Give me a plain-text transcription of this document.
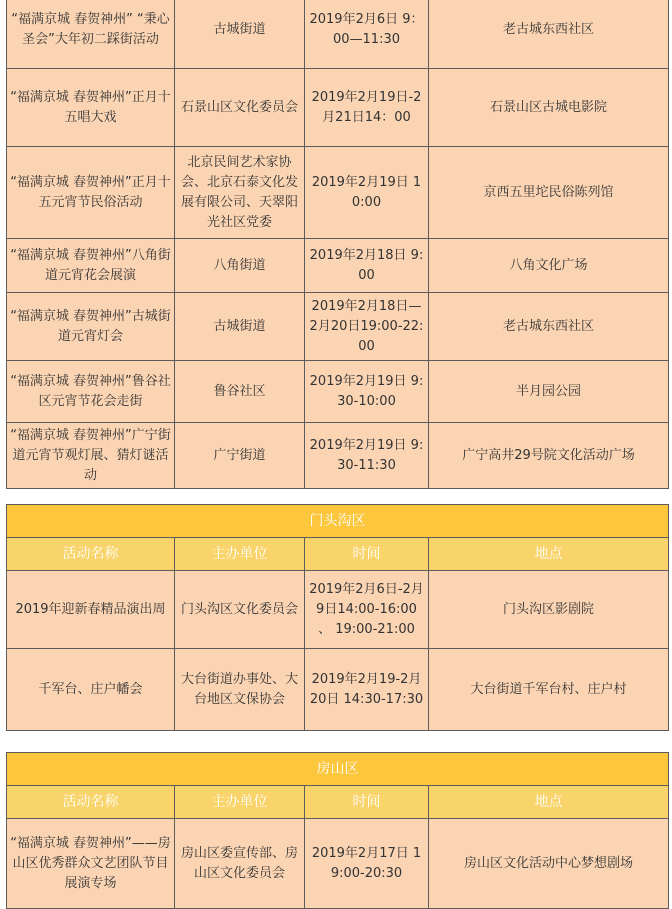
“福满京城 春贺神州” “秉心圣会”大年初二踩街活动	古城街道	2019年2月6日 9：00—11:30	老古城东西社区
“福满京城 春贺神州”正月十五唱大戏	石景山区文化委员会	2019年2月19日-2月21日14：00	石景山区古城电影院
“福满京城 春贺神州”正月十五元宵节民俗活动	北京民间艺术家协会、北京石泰文化发展有限公司、天翠阳光社区党委	2019年2月19日 10:00	京西五里坨民俗陈列馆
“福满京城 春贺神州”八角街道元宵花会展演	八角街道	2019年2月18日 9:00	八角文化广场
“福满京城 春贺神州”古城街道元宵灯会	古城街道	2019年2月18日—2月20日19:00-22:00	老古城东西社区
“福满京城 春贺神州”鲁谷社区元宵节花会走街	鲁谷社区	2019年2月19日 9:30-10:00	半月园公园
“福满京城 春贺神州”广宁街道元宵节观灯展、猜灯谜活动	广宁街道	2019年2月19日 9:30-11:30	广宁高井29号院文化活动广场
门头沟区			
活动名称	主办单位	时间	地点
2019年迎新春精品演出周	门头沟区文化委员会	2019年2月6日-2月9日14:00-16:00 、 19:00-21:00	门头沟区影剧院
千军台、庄户幡会	大台街道办事处、大台地区文保协会	2019年2月19-2月20日 14:30-17:30	大台街道千军台村、庄户村
房山区			
活动名称	主办单位	时间	地点
“福满京城 春贺神州”——房山区优秀群众文艺团队节目展演专场	房山区委宣传部、房山区文化委员会	2019年2月17日 19:00-20:30	房山区文化活动中心梦想剧场
